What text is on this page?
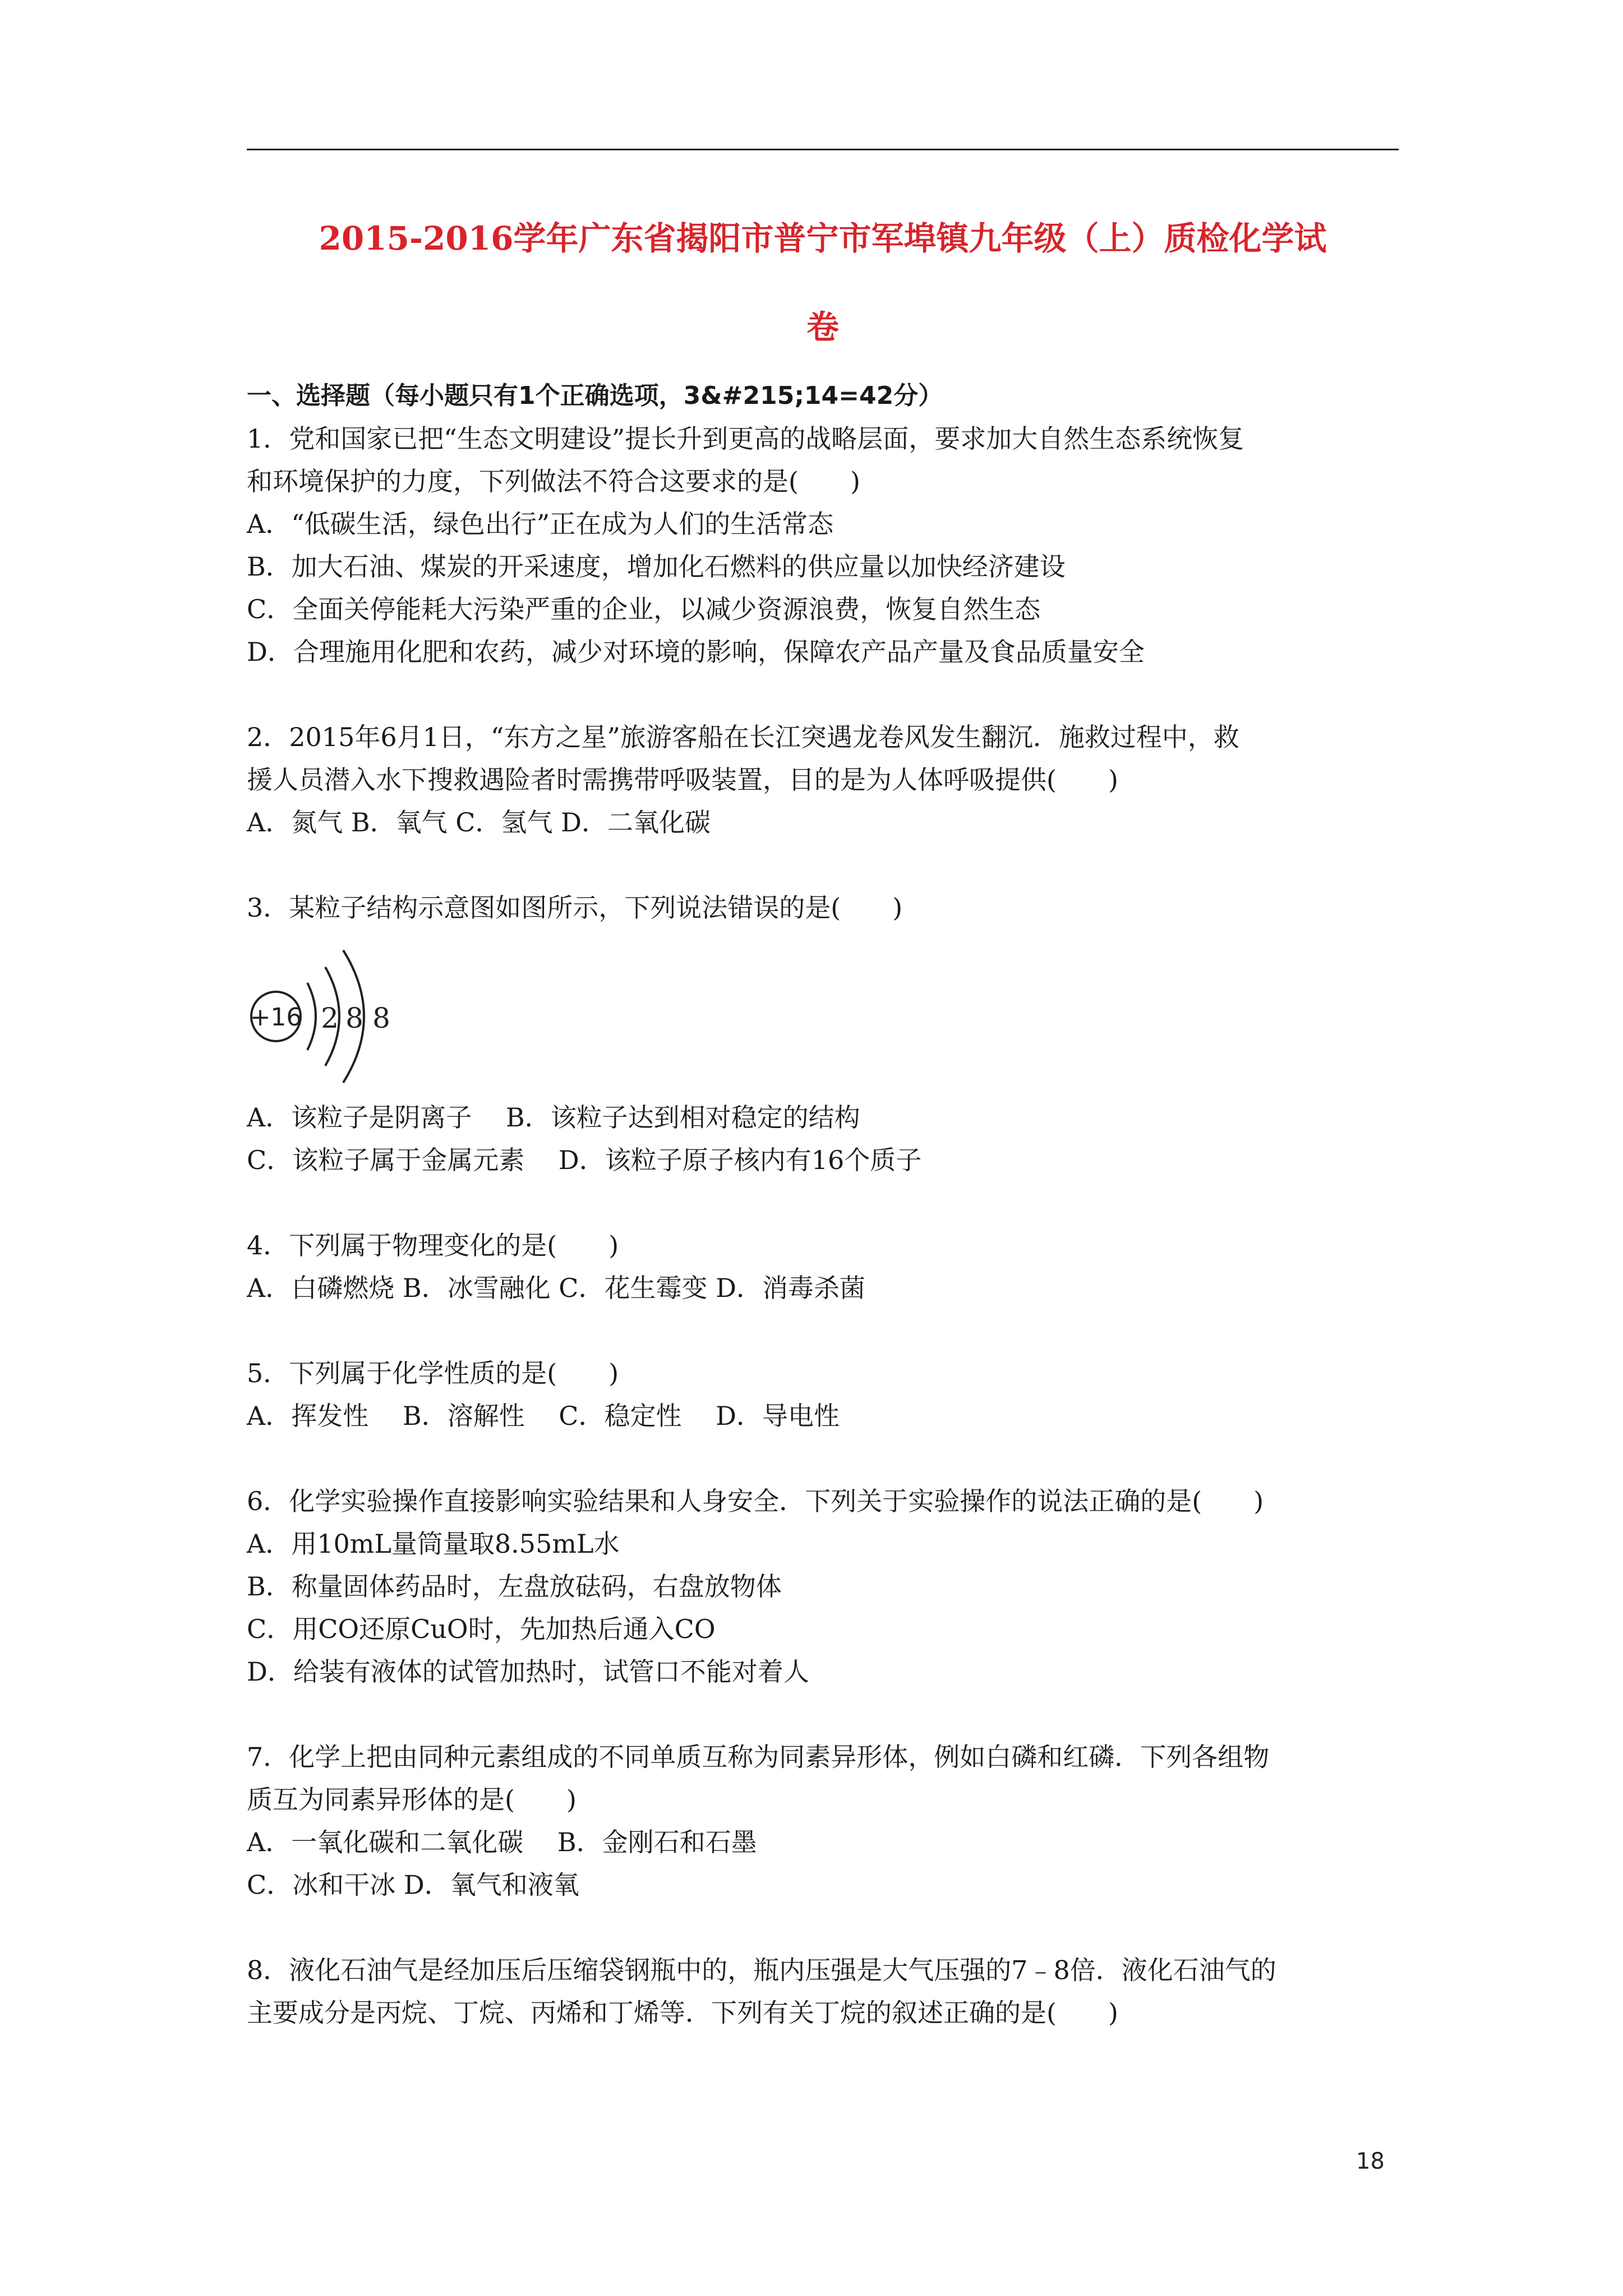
2015-2016学年广东省揭阳市普宁市军埠镇九年级（上）质检化学试
卷
一、选择题（每小题只有1个正确选项，3&#215;14=42分）
1．党和国家已把“生态文明建设”提长升到更高的战略层面，要求加大自然生态系统恢复
和环境保护的力度，下列做法不符合这要求的是(　　)
A．“低碳生活，绿色出行”正在成为人们的生活常态
B．加大石油、煤炭的开采速度，增加化石燃料的供应量以加快经济建设
C．全面关停能耗大污染严重的企业，以减少资源浪费，恢复自然生态
D．合理施用化肥和农药，减少对环境的影响，保障农产品产量及食品质量安全
2．2015年6月1日，“东方之星”旅游客船在长江突遇龙卷风发生翻沉．施救过程中，救
援人员潜入水下搜救遇险者时需携带呼吸装置，目的是为人体呼吸提供(　　)
A．氮气 B．氧气 C．氢气 D．二氧化碳
3．某粒子结构示意图如图所示，下列说法错误的是(　　)
+16 2 8 8
A．该粒子是阴离子　 B．该粒子达到相对稳定的结构
C．该粒子属于金属元素　 D．该粒子原子核内有16个质子
4．下列属于物理变化的是(　　)
A．白磷燃烧 B．冰雪融化 C．花生霉变 D．消毒杀菌
5．下列属于化学性质的是(　　)
A．挥发性　 B．溶解性　 C．稳定性　 D．导电性
6．化学实验操作直接影响实验结果和人身安全．下列关于实验操作的说法正确的是(　　)
A．用10mL量筒量取8.55mL水
B．称量固体药品时，左盘放砝码，右盘放物体
C．用CO还原CuO时，先加热后通入CO
D．给装有液体的试管加热时，试管口不能对着人
7．化学上把由同种元素组成的不同单质互称为同素异形体，例如白磷和红磷．下列各组物
质互为同素异形体的是(　　)
A．一氧化碳和二氧化碳　 B．金刚石和石墨
C．冰和干冰 D．氧气和液氧
8．液化石油气是经加压后压缩袋钢瓶中的，瓶内压强是大气压强的7﹣8倍．液化石油气的
主要成分是丙烷、丁烷、丙烯和丁烯等．下列有关丁烷的叙述正确的是(　　)
18
